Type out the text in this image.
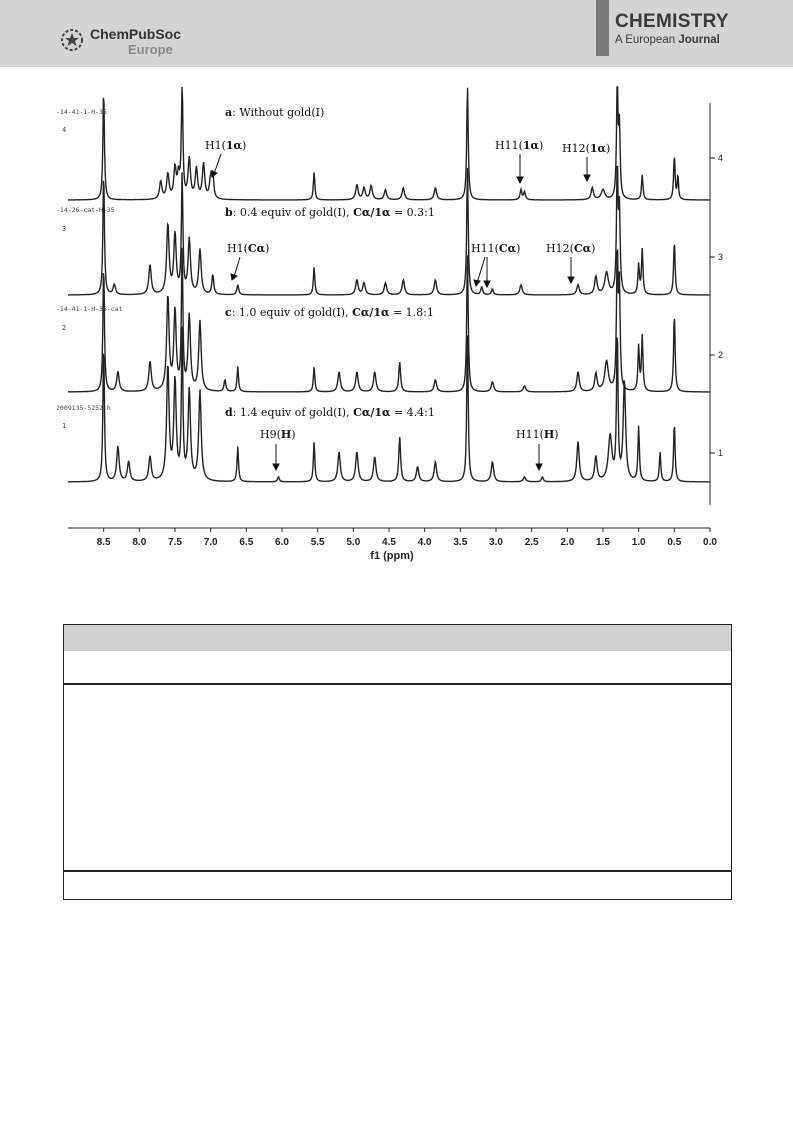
ChemPubSoc
Europe
CHEMISTRY
A European Journal
-14-41-1-H-35
4
-14-26-cat-H-35
3
-14-41-1-H-35-cat
2
2009135-5252-h
1
a: Without gold(I)
b: 0.4 equiv of gold(I), Cα/1α = 0.3:1
c: 1.0 equiv of gold(I), Cα/1α = 1.8:1
d: 1.4 equiv of gold(I), Cα/1α = 4.4:1
H1(1α)	H11(1α) H12(1α)
H1(Cα)	H11(Cα) H12(Cα)
H9(H)	H11(H)
4
3
2
1
8.5 8.0 7.5 7.0 6.5 6.0 5.5 5.0 4.5 4.0 3.5 3.0 2.5 2.0 1.5 1.0 0.5 0.0
f1 (ppm)
